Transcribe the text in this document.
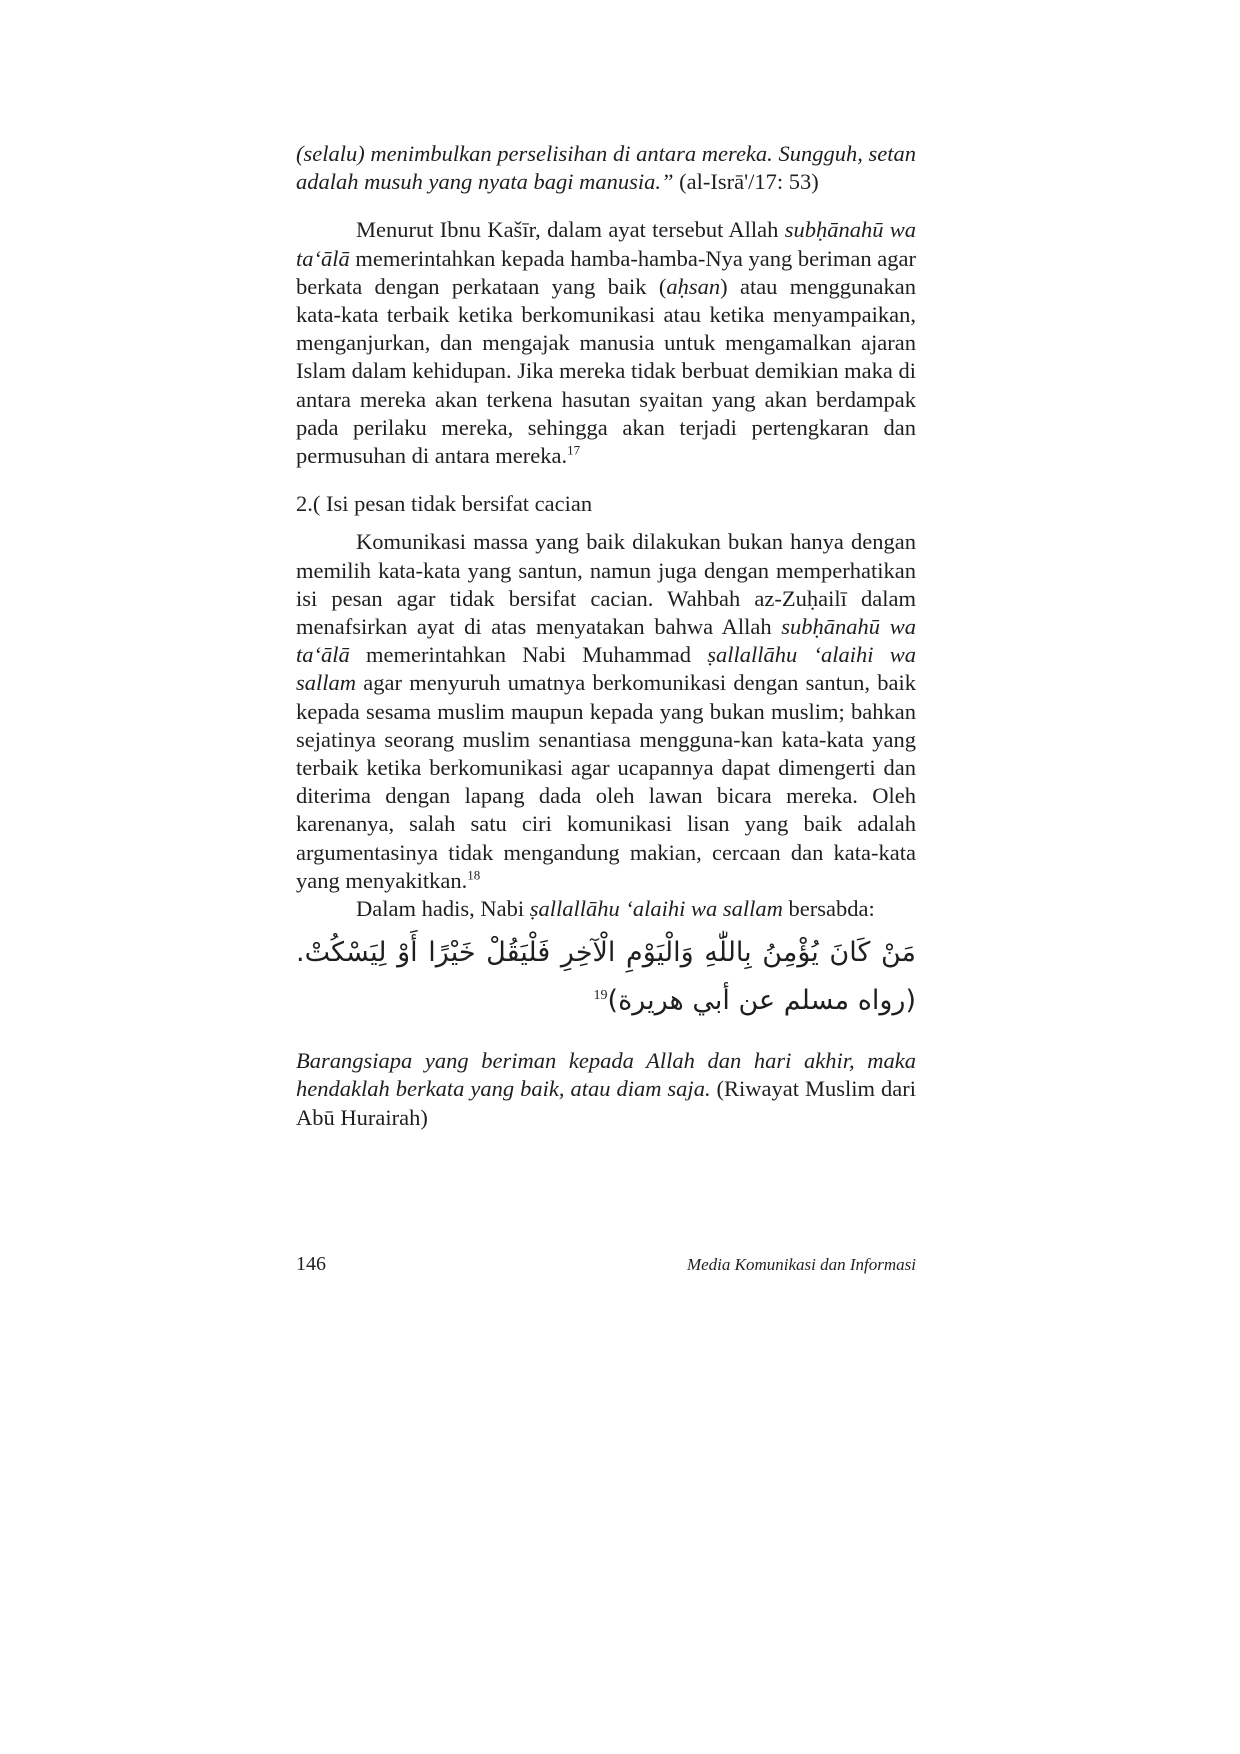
(selalu) menimbulkan perselisihan di antara mereka. Sungguh, setan adalah musuh yang nyata bagi manusia.” (al-Isrā'/17: 53)

Menurut Ibnu Kašīr, dalam ayat tersebut Allah subḥānahū wa ta‘ālā memerintahkan kepada hamba-hamba-Nya yang beriman agar berkata dengan perkataan yang baik (aḥsan) atau menggunakan kata-kata terbaik ketika berkomunikasi atau ketika menyampaikan, menganjurkan, dan mengajak manusia untuk mengamalkan ajaran Islam dalam kehidupan. Jika mereka tidak berbuat demikian maka di antara mereka akan terkena hasutan syaitan yang akan berdampak pada perilaku mereka, sehingga akan terjadi pertengkaran dan permusuhan di antara mereka.$^{17}$

2.( Isi pesan tidak bersifat cacian

Komunikasi massa yang baik dilakukan bukan hanya dengan memilih kata-kata yang santun, namun juga dengan memperhatikan isi pesan agar tidak bersifat cacian. Wahbah az-Zuḥailī dalam menafsirkan ayat di atas menyatakan bahwa Allah subḥānahū wa ta‘ālā memerintahkan Nabi Muhammad ṣallallāhu ‘alaihi wa sallam agar menyuruh umatnya berkomunikasi dengan santun, baik kepada sesama muslim maupun kepada yang bukan muslim; bahkan sejatinya seorang muslim senantiasa mengguna-kan kata-kata yang terbaik ketika berkomunikasi agar ucapannya dapat dimengerti dan diterima dengan lapang dada oleh lawan bicara mereka. Oleh karenanya, salah satu ciri komunikasi lisan yang baik adalah argumentasinya tidak mengandung makian, cercaan dan kata-kata yang menyakitkan.$^{18}$

Dalam hadis, Nabi ṣallallāhu ‘alaihi wa sallam bersabda:

مَنْ كَانَ يُؤْمِنُ بِاللّٰهِ وَالْيَوْمِ الْآخِرِ فَلْيَقُلْ خَيْرًا أَوْ لِيَسْكُتْ. (رواه مسلم عن أبي هريرة)$^{19}$

Barangsiapa yang beriman kepada Allah dan hari akhir, maka hendaklah berkata yang baik, atau diam saja. (Riwayat Muslim dari Abū Hurairah)

146	Media Komunikasi dan Informasi
